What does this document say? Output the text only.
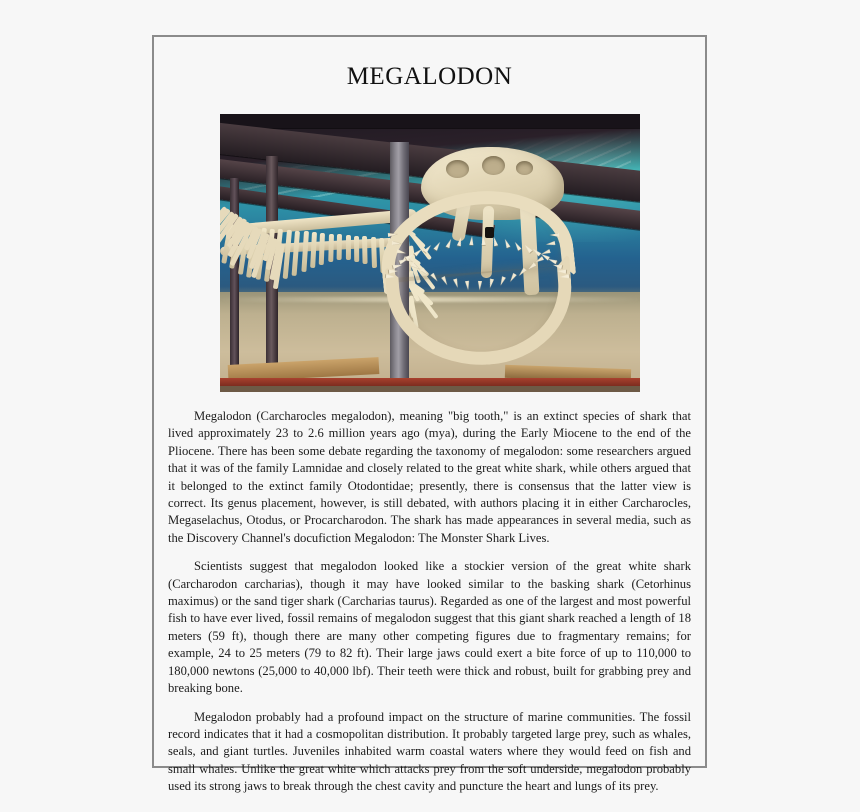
MEGALODON

Megalodon (Carcharocles megalodon), meaning "big tooth," is an extinct species of shark that lived approximately 23 to 2.6 million years ago (mya), during the Early Miocene to the end of the Pliocene. There has been some debate regarding the taxonomy of megalodon: some researchers argued that it was of the family Lamnidae and closely related to the great white shark, while others argued that it belonged to the extinct family Otodontidae; presently, there is consensus that the latter view is correct. Its genus placement, however, is still debated, with authors placing it in either Carcharocles, Megaselachus, Otodus, or Procarcharodon. The shark has made appearances in several media, such as the Discovery Channel's docufiction Megalodon: The Monster Shark Lives.

Scientists suggest that megalodon looked like a stockier version of the great white shark (Carcharodon carcharias), though it may have looked similar to the basking shark (Cetorhinus maximus) or the sand tiger shark (Carcharias taurus). Regarded as one of the largest and most powerful fish to have ever lived, fossil remains of megalodon suggest that this giant shark reached a length of 18 meters (59 ft), though there are many other competing figures due to fragmentary remains; for example, 24 to 25 meters (79 to 82 ft). Their large jaws could exert a bite force of up to 110,000 to 180,000 newtons (25,000 to 40,000 lbf). Their teeth were thick and robust, built for grabbing prey and breaking bone.

Megalodon probably had a profound impact on the structure of marine communities. The fossil record indicates that it had a cosmopolitan distribution. It probably targeted large prey, such as whales, seals, and giant turtles. Juveniles inhabited warm coastal waters where they would feed on fish and small whales. Unlike the great white which attacks prey from the soft underside, megalodon probably used its strong jaws to break through the chest cavity and puncture the heart and lungs of its prey.
